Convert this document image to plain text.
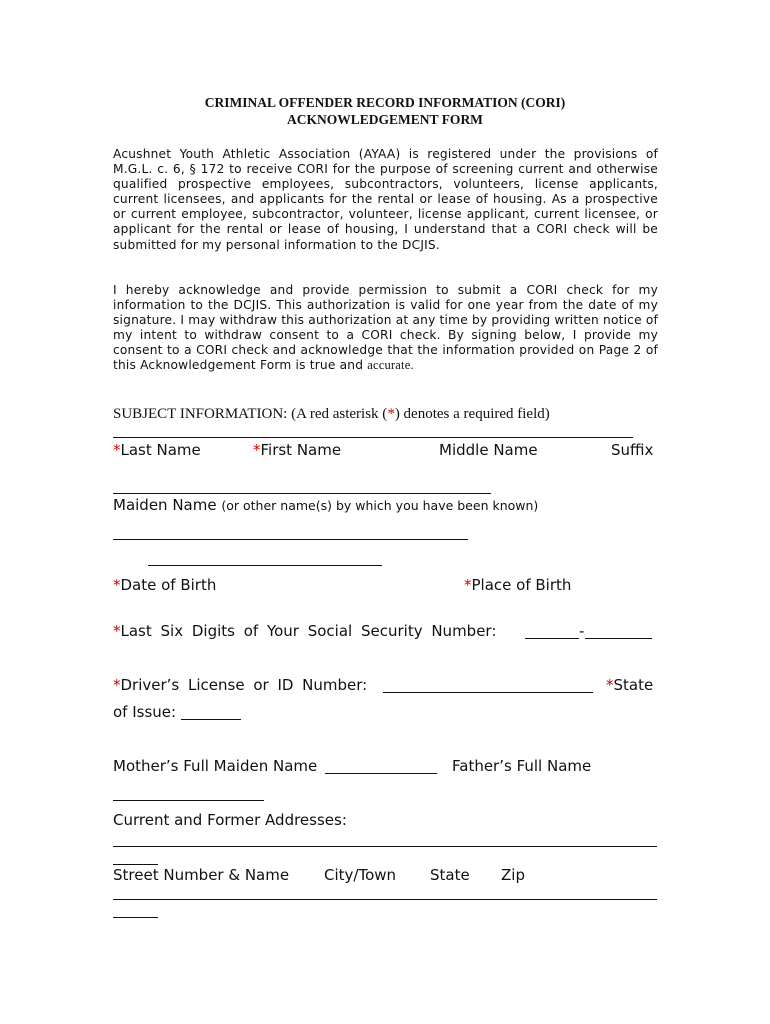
CRIMINAL OFFENDER RECORD INFORMATION (CORI)
ACKNOWLEDGEMENT FORM
Acushnet Youth Athletic Association (AYAA) is registered under the provisions of M.G.L. c. 6, § 172 to receive CORI for the purpose of screening current and otherwise qualified prospective employees, subcontractors, volunteers, license applicants, current licensees, and applicants for the rental or lease of housing. As a prospective or current employee, subcontractor, volunteer, license applicant, current licensee, or applicant for the rental or lease of housing, I understand that a CORI check will be submitted for my personal information to the DCJIS.
I hereby acknowledge and provide permission to submit a CORI check for my information to the DCJIS. This authorization is valid for one year from the date of my signature. I may withdraw this authorization at any time by providing written notice of my intent to withdraw consent to a CORI check. By signing below, I provide my consent to a CORI check and acknowledge that the information provided on Page 2 of this Acknowledgement Form is true and accurate.
SUBJECT INFORMATION: (A red asterisk (*) denotes a required field)
*Last Name	*First Name	Middle Name	Suffix
Maiden Name (or other name(s) by which you have been known)
*Date of Birth	*Place of Birth
*Last Six Digits of Your Social Security Number:	-
*Driver’s License or ID Number:	*State
of Issue:
Mother’s Full Maiden Name	Father’s Full Name
Current and Former Addresses:
Street Number & Name City/Town State Zip
